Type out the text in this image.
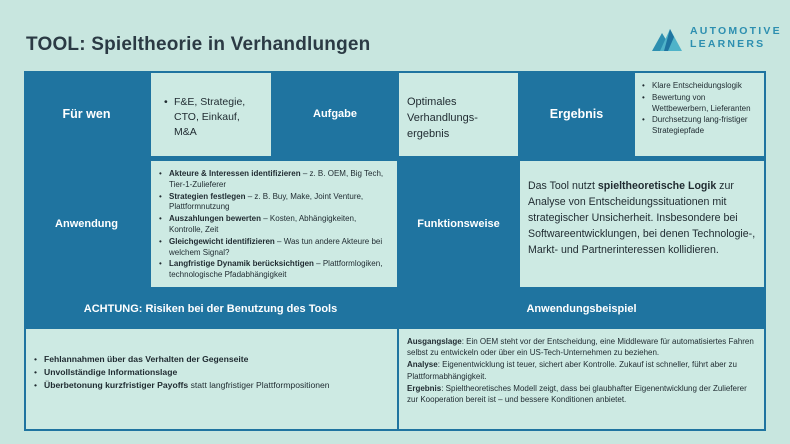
TOOL: Spieltheorie in Verhandlungen
AUTOMOTIVE
LEARNERS
Für wen
• F&E, Strategie,
CTO, Einkauf,
M&A
Aufgabe
Optimales
Verhandlungs-
ergebnis
Ergebnis
• Klare Entscheidungslogik
• Bewertung von Wettbewerbern, Lieferanten
• Durchsetzung lang-fristiger Strategiepfade
Anwendung
• Akteure & Interessen identifizieren – z. B. OEM, Big Tech, Tier-1-Zulieferer
• Strategien festlegen – z. B. Buy, Make, Joint Venture, Plattformnutzung
• Auszahlungen bewerten – Kosten, Abhängigkeiten, Kontrolle, Zeit
• Gleichgewicht identifizieren – Was tun andere Akteure bei welchem Signal?
• Langfristige Dynamik berücksichtigen – Plattformlogiken, technologische Pfadabhängigkeit
Funktionsweise
Das Tool nutzt spieltheoretische Logik zur Analyse von Entscheidungssituationen mit strategischer Unsicherheit. Insbesondere bei Softwareentwicklungen, bei denen Technologie-, Markt- und Partnerinteressen kollidieren.
ACHTUNG: Risiken bei der Benutzung des Tools	Anwendungsbeispiel
• Fehlannahmen über das Verhalten der Gegenseite
• Unvollständige Informationslage
• Überbetonung kurzfristiger Payoffs statt langfristiger Plattformpositionen

Ausgangslage: Ein OEM steht vor der Entscheidung, eine Middleware für automatisiertes Fahren selbst zu entwickeln oder über ein US-Tech-Unternehmen zu beziehen.

Analyse: Eigenentwicklung ist teuer, sichert aber Kontrolle. Zukauf ist schneller, führt aber zu Plattformabhängigkeit.

Ergebnis: Spieltheoretisches Modell zeigt, dass bei glaubhafter Eigenentwicklung der Zulieferer zur Kooperation bereit ist – und bessere Konditionen anbietet.
